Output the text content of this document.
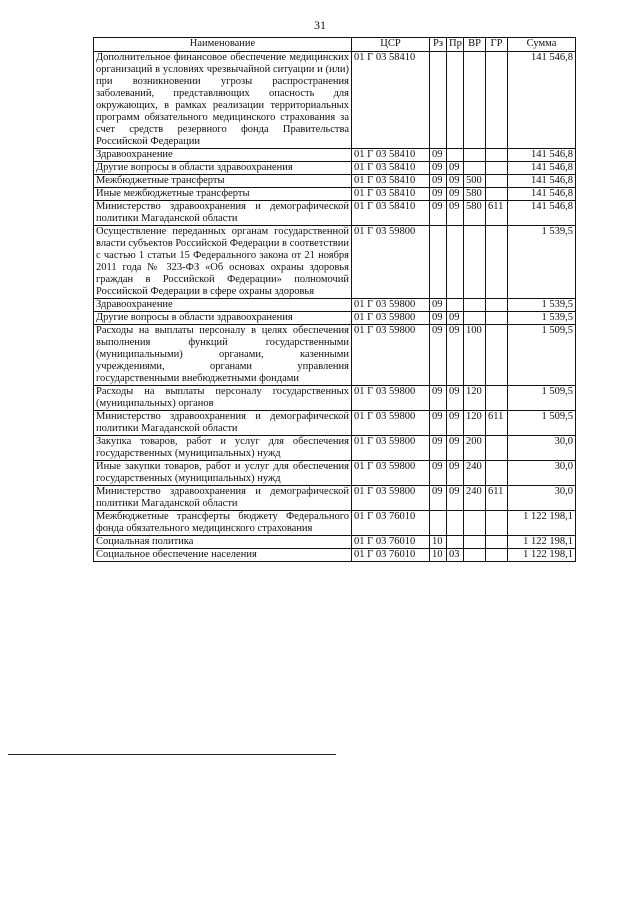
31
Наименование	ЦСР	Рз	Пр	ВР	ГР	Сумма
Дополнительное финансовое обеспечение медицинских организаций в условиях чрезвычайной ситуации и (или) при возникновении угрозы распространения заболеваний, представляющих опасность для окружающих, в рамках реализации территориальных программ обязательного медицинского страхования за счет средств резервного фонда Правительства Российской Федерации	01 Г 03 58410					141 546,8
Здравоохранение	01 Г 03 58410	09				141 546,8
Другие вопросы в области здравоохранения	01 Г 03 58410	09	09			141 546,8
Межбюджетные трансферты	01 Г 03 58410	09	09	500		141 546,8
Иные межбюджетные трансферты	01 Г 03 58410	09	09	580		141 546,8
Министерство здравоохранения и демографической политики Магаданской области	01 Г 03 58410	09	09	580	611	141 546,8
Осуществление переданных органам государственной власти субъектов Российской Федерации в соответствии с частью 1 статьи 15 Федерального закона от 21 ноября 2011 года № 323-ФЗ «Об основах охраны здоровья граждан в Российской Федерации» полномочий Российской Федерации в сфере охраны здоровья	01 Г 03 59800					1 539,5
Здравоохранение	01 Г 03 59800	09				1 539,5
Другие вопросы в области здравоохранения	01 Г 03 59800	09	09			1 539,5
Расходы на выплаты персоналу в целях обеспечения выполнения функций государственными (муниципальными) органами, казенными учреждениями, органами управления государственными внебюджетными фондами	01 Г 03 59800	09	09	100		1 509,5
Расходы на выплаты персоналу государственных (муниципальных) органов	01 Г 03 59800	09	09	120		1 509,5
Министерство здравоохранения и демографической политики Магаданской области	01 Г 03 59800	09	09	120	611	1 509,5
Закупка товаров, работ и услуг для обеспечения государственных (муниципальных) нужд	01 Г 03 59800	09	09	200		30,0
Иные закупки товаров, работ и услуг для обеспечения государственных (муниципальных) нужд	01 Г 03 59800	09	09	240		30,0
Министерство здравоохранения и демографической политики Магаданской области	01 Г 03 59800	09	09	240	611	30,0
Межбюджетные трансферты бюджету Федерального фонда обязательного медицинского страхования	01 Г 03 76010					1 122 198,1
Социальная политика	01 Г 03 76010	10				1 122 198,1
Социальное обеспечение населения	01 Г 03 76010	10	03			1 122 198,1
